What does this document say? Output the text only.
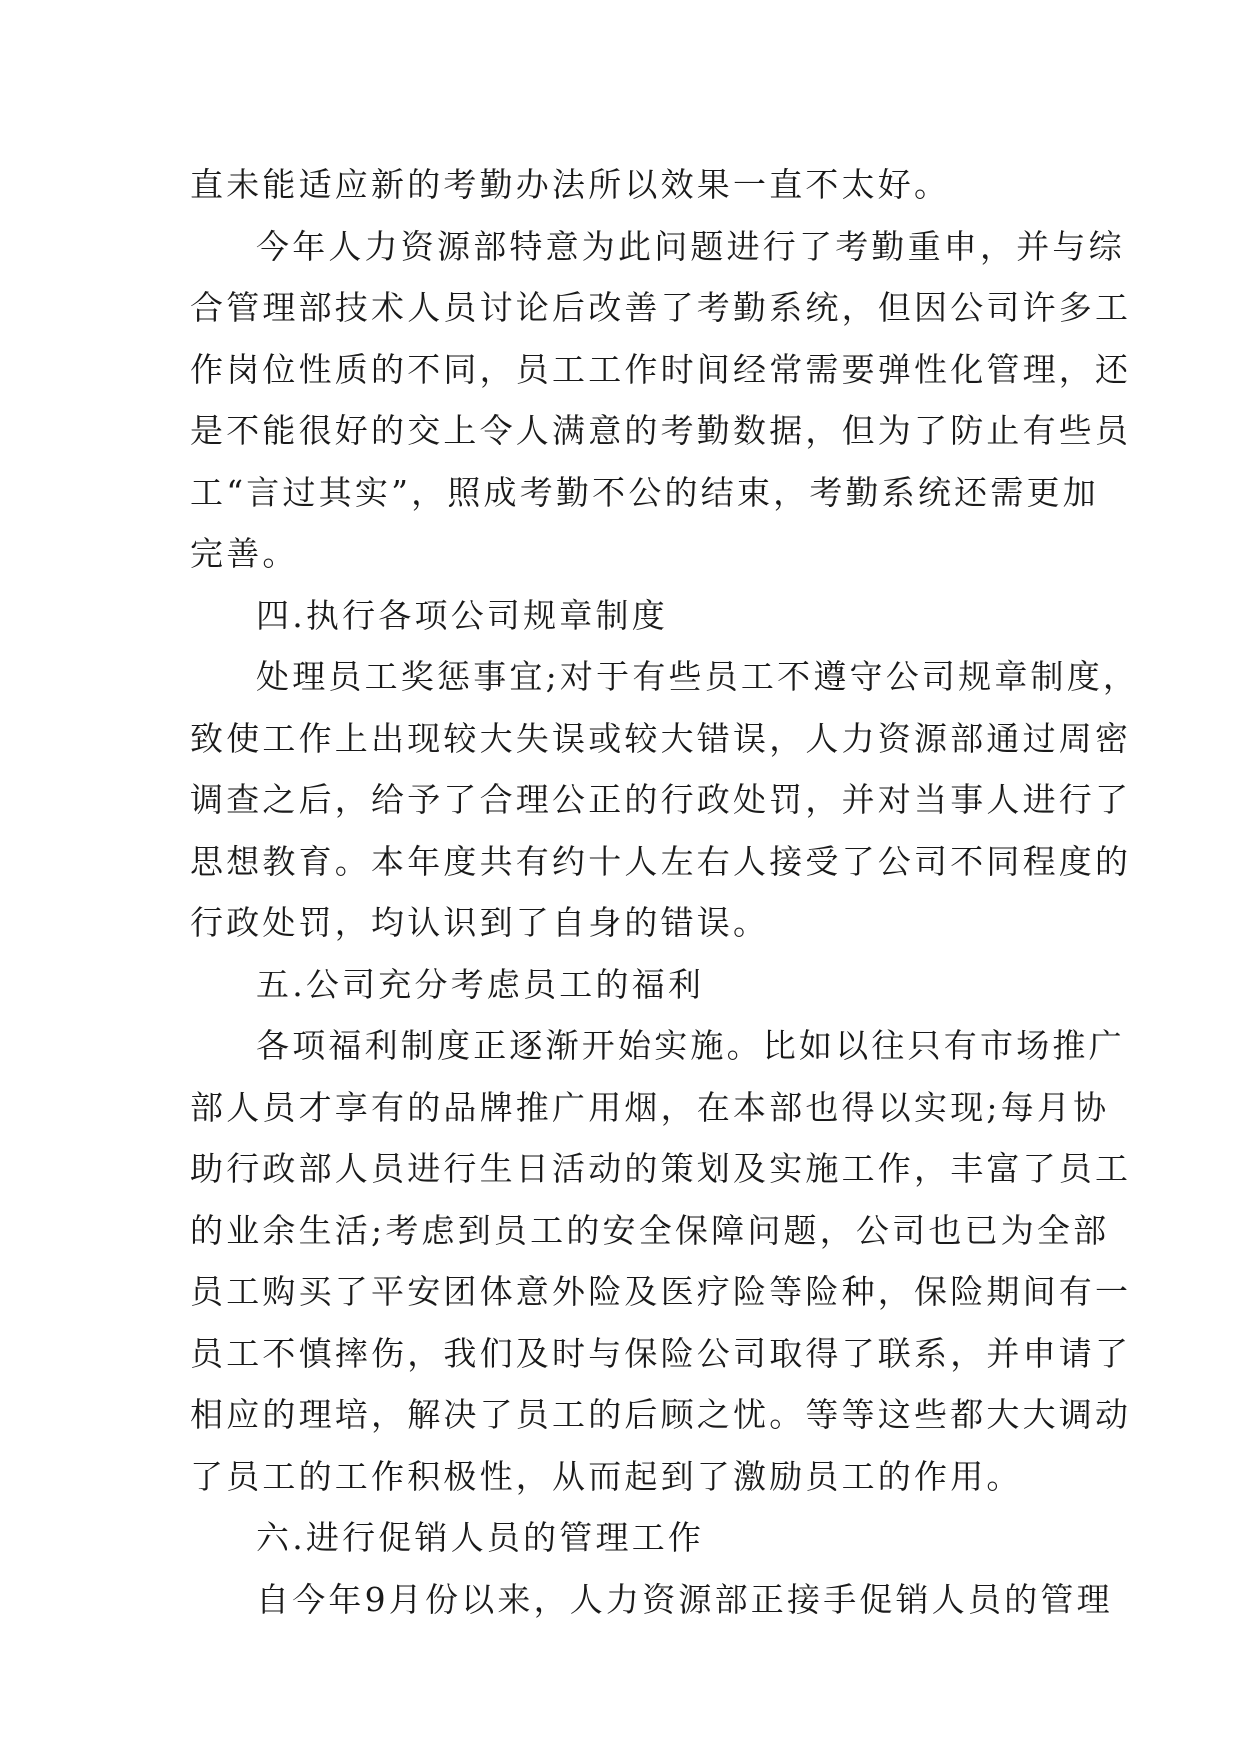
直未能适应新的考勤办法所以效果一直不太好。
今年人力资源部特意为此问题进行了考勤重申，并与综
合管理部技术人员讨论后改善了考勤系统，但因公司许多工
作岗位性质的不同，员工工作时间经常需要弹性化管理，还
是不能很好的交上令人满意的考勤数据，但为了防止有些员
工“言过其实”，照成考勤不公的结束，考勤系统还需更加
完善。
四.执行各项公司规章制度
处理员工奖惩事宜;对于有些员工不遵守公司规章制度，
致使工作上出现较大失误或较大错误，人力资源部通过周密
调查之后，给予了合理公正的行政处罚，并对当事人进行了
思想教育。本年度共有约十人左右人接受了公司不同程度的
行政处罚，均认识到了自身的错误。
五.公司充分考虑员工的福利
各项福利制度正逐渐开始实施。比如以往只有市场推广
部人员才享有的品牌推广用烟，在本部也得以实现;每月协
助行政部人员进行生日活动的策划及实施工作，丰富了员工
的业余生活;考虑到员工的安全保障问题，公司也已为全部
员工购买了平安团体意外险及医疗险等险种，保险期间有一
员工不慎摔伤，我们及时与保险公司取得了联系，并申请了
相应的理培，解决了员工的后顾之忧。等等这些都大大调动
了员工的工作积极性，从而起到了激励员工的作用。
六.进行促销人员的管理工作
自今年9月份以来，人力资源部正接手促销人员的管理
